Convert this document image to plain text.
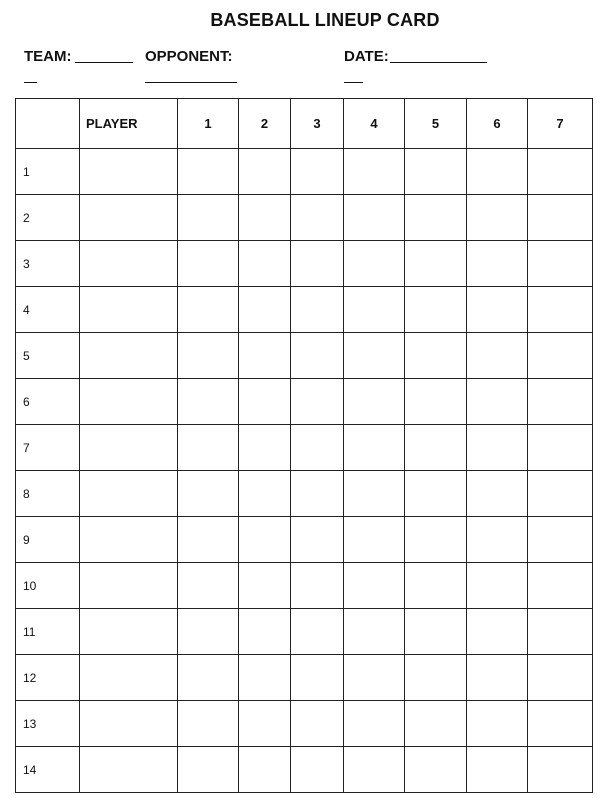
BASEBALL LINEUP CARD
TEAM:	OPPONENT:	DATE:
	PLAYER	1	2	3	4	5	6	7
1								
2								
3								
4								
5								
6								
7								
8								
9								
10								
11								
12								
13								
14								
